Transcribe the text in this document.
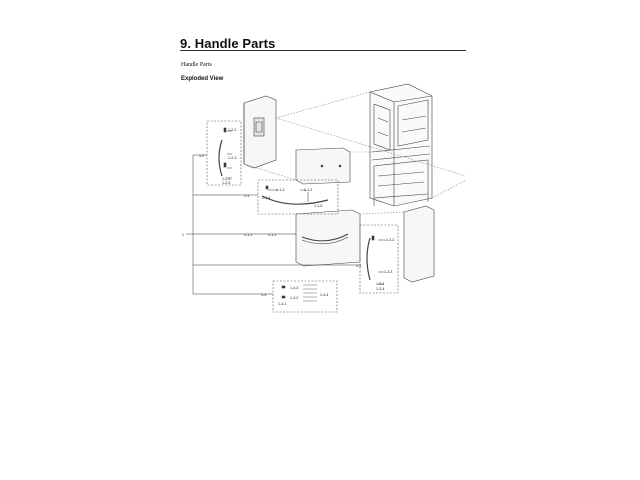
9. Handle Parts
Handle Parts
Exploded View
1
1-2
1-2-2
1-2-3
1-2-1
1-2-4
1-1
1-1-3	1-1-2
1-1-4
1-1-5
1-1-1
1-1-1
1-3
1-3-2
1-3-3
1-3-1
1-3-4
1-4
1-4-3
1-4-2
1-4-4
1-4-1
